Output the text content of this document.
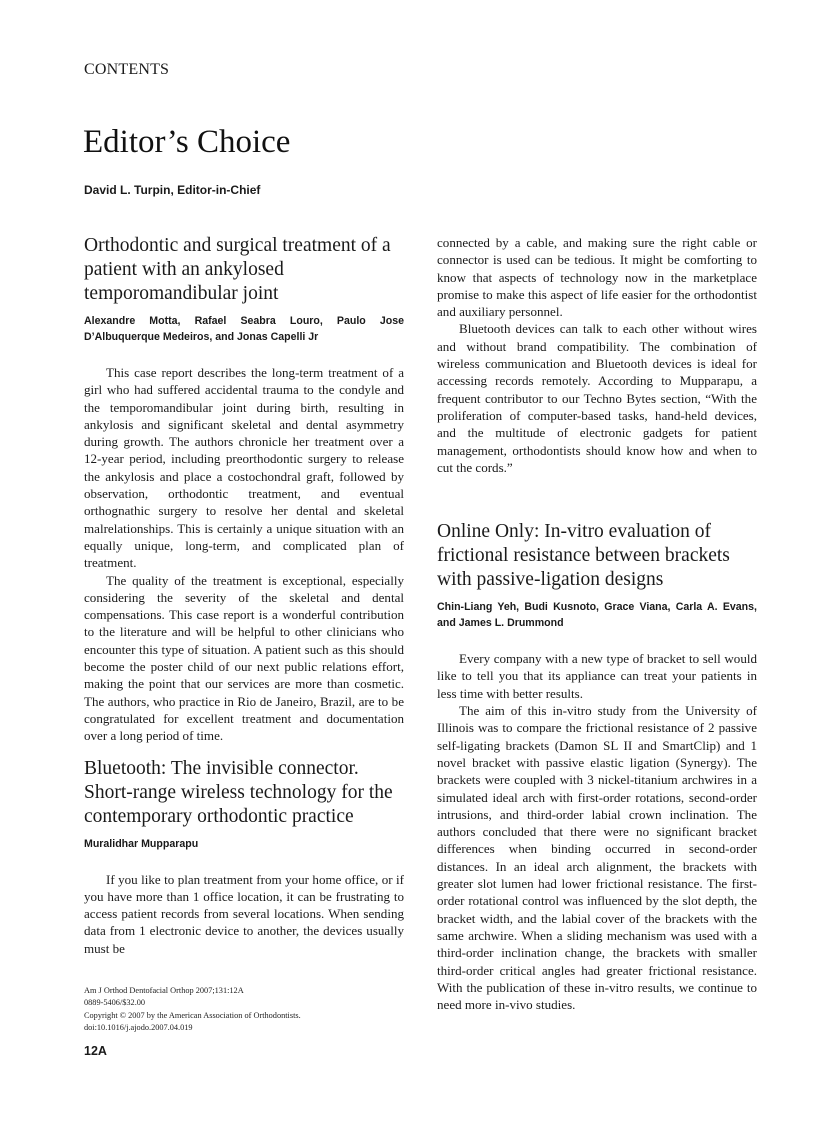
CONTENTS
Editor’s Choice
David L. Turpin, Editor-in-Chief
Orthodontic and surgical treatment of a patient with an ankylosed temporomandibular joint
Alexandre Motta, Rafael Seabra Louro, Paulo Jose D’Albuquerque Medeiros, and Jonas Capelli Jr

This case report describes the long-term treatment of a girl who had suffered accidental trauma to the condyle and the temporomandibular joint during birth, resulting in ankylosis and significant skeletal and dental asymmetry during growth. The authors chronicle her treatment over a 12-year period, including preorthodontic surgery to release the ankylosis and place a costochondral graft, followed by observation, orthodontic treatment, and eventual orthognathic surgery to resolve her dental and skeletal malrelationships. This is certainly a unique situation with an equally unique, long-term, and complicated plan of treatment.

The quality of the treatment is exceptional, especially considering the severity of the skeletal and dental compensations. This case report is a wonderful contribution to the literature and will be helpful to other clinicians who encounter this type of situation. A patient such as this should become the poster child of our next public relations effort, making the point that our services are more than cosmetic. The authors, who practice in Rio de Janeiro, Brazil, are to be congratulated for excellent treatment and documentation over a long period of time.

Bluetooth: The invisible connector. Short-range wireless technology for the contemporary orthodontic practice
Muralidhar Mupparapu

If you like to plan treatment from your home office, or if you have more than 1 office location, it can be frustrating to access patient records from several locations. When sending data from 1 electronic device to another, the devices usually must be

Am J Orthod Dentofacial Orthop 2007;131:12A
0889-5406/$32.00
Copyright © 2007 by the American Association of Orthodontists.
doi:10.1016/j.ajodo.2007.04.019
12A

connected by a cable, and making sure the right cable or connector is used can be tedious. It might be comforting to know that aspects of technology now in the marketplace promise to make this aspect of life easier for the orthodontist and auxiliary personnel.

Bluetooth devices can talk to each other without wires and without brand compatibility. The combination of wireless communication and Bluetooth devices is ideal for accessing records remotely. According to Mupparapu, a frequent contributor to our Techno Bytes section, “With the proliferation of computer-based tasks, hand-held devices, and the multitude of electronic gadgets for patient management, orthodontists should know how and when to cut the cords.”

Online Only: In-vitro evaluation of frictional resistance between brackets with passive-ligation designs
Chin-Liang Yeh, Budi Kusnoto, Grace Viana, Carla A. Evans, and James L. Drummond

Every company with a new type of bracket to sell would like to tell you that its appliance can treat your patients in less time with better results.

The aim of this in-vitro study from the University of Illinois was to compare the frictional resistance of 2 passive self-ligating brackets (Damon SL II and SmartClip) and 1 novel bracket with passive elastic ligation (Synergy). The brackets were coupled with 3 nickel-titanium archwires in a simulated ideal arch with first-order rotations, second-order intrusions, and third-order labial crown inclination. The authors concluded that there were no significant bracket differences when binding occurred in second-order distances. In an ideal arch alignment, the brackets with greater slot lumen had lower frictional resistance. The first-order rotational control was influenced by the slot depth, the bracket width, and the labial cover of the brackets with the same archwire. When a sliding mechanism was used with a third-order inclination change, the brackets with smaller third-order critical angles had greater frictional resistance. With the publication of these in-vitro results, we continue to need more in-vivo studies.
